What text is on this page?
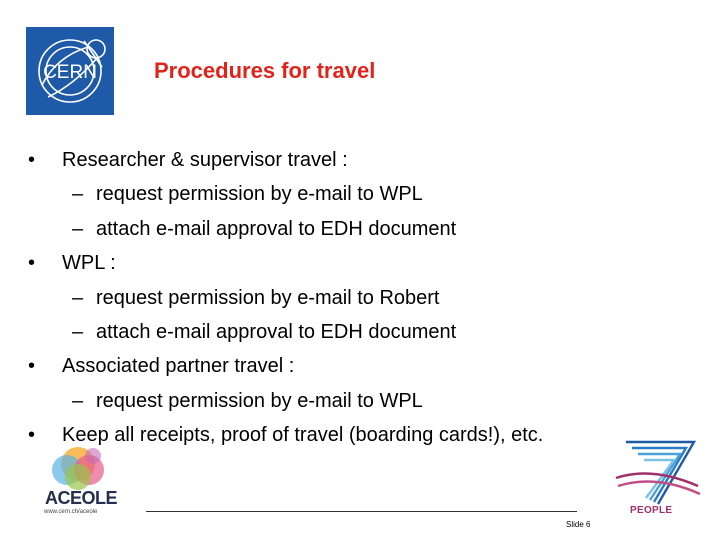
CERN	Procedures for travel
•	Researcher & supervisor travel :
– request permission by e-mail to WPL
– attach e-mail approval to EDH document
•	WPL :
– request permission by e-mail to Robert
– attach e-mail approval to EDH document
•	Associated partner travel :
– request permission by e-mail to WPL
•	Keep all receipts, proof of travel (boarding cards!), etc.
ACEOLE
www.cern.ch/aceole
Slide 6
PEOPLE
